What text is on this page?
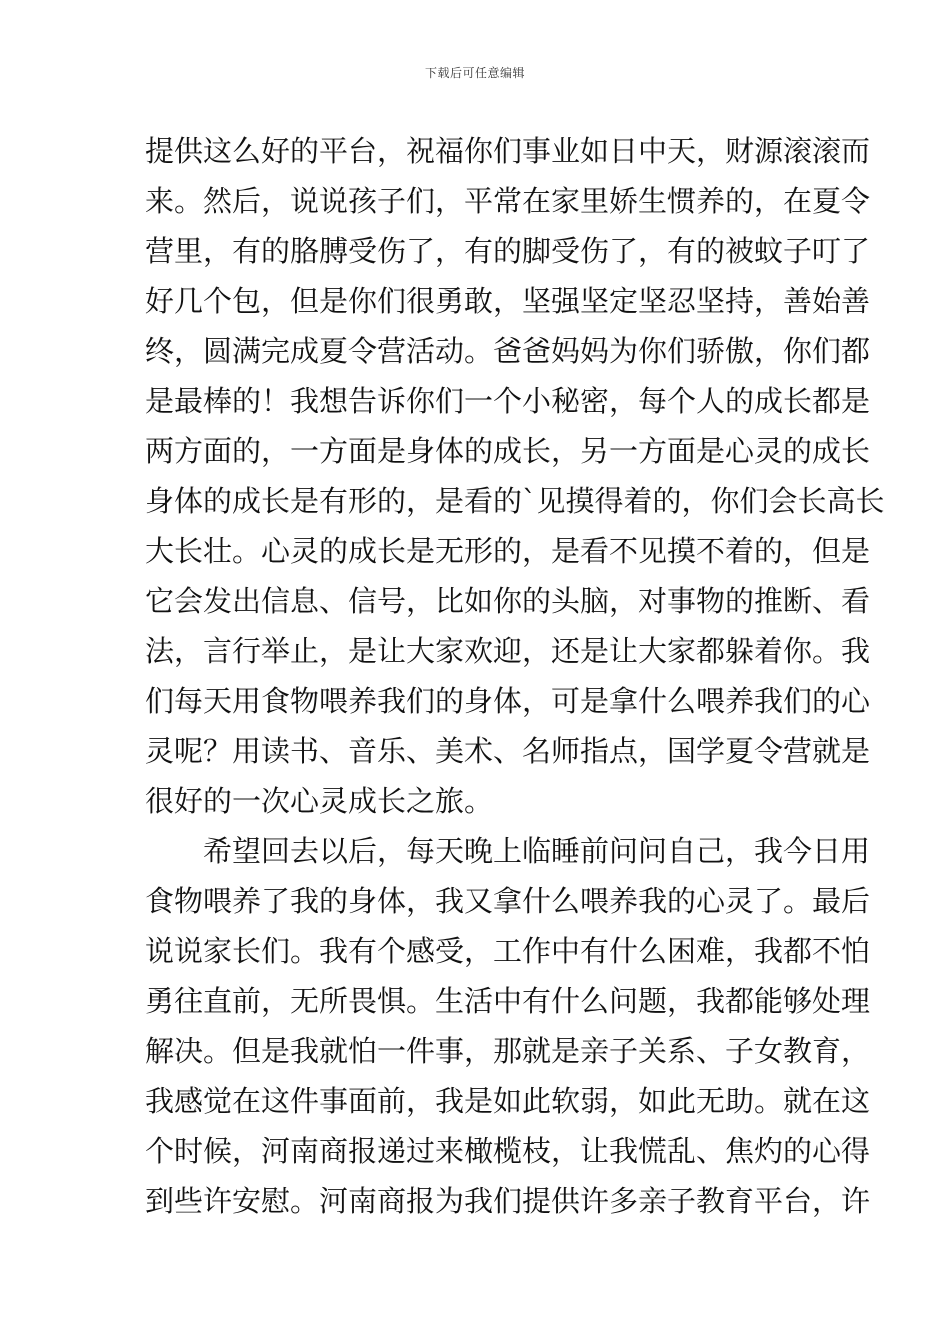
下载后可任意编辑
提供这么好的平台，祝福你们事业如日中天，财源滚滚而
来。然后，说说孩子们，平常在家里娇生惯养的，在夏令
营里，有的胳膊受伤了，有的脚受伤了，有的被蚊子叮了
好几个包，但是你们很勇敢，坚强坚定坚忍坚持，善始善
终，圆满完成夏令营活动。爸爸妈妈为你们骄傲，你们都
是最棒的！我想告诉你们一个小秘密，每个人的成长都是
两方面的，一方面是身体的成长，另一方面是心灵的成长
身体的成长是有形的，是看的`见摸得着的，你们会长高长
大长壮。心灵的成长是无形的，是看不见摸不着的，但是
它会发出信息、信号，比如你的头脑，对事物的推断、看
法，言行举止，是让大家欢迎，还是让大家都躲着你。我
们每天用食物喂养我们的身体，可是拿什么喂养我们的心
灵呢？用读书、音乐、美术、名师指点，国学夏令营就是
很好的一次心灵成长之旅。
希望回去以后，每天晚上临睡前问问自己，我今日用
食物喂养了我的身体，我又拿什么喂养我的心灵了。最后
说说家长们。我有个感受，工作中有什么困难，我都不怕
勇往直前，无所畏惧。生活中有什么问题，我都能够处理
解决。但是我就怕一件事，那就是亲子关系、子女教育，
我感觉在这件事面前，我是如此软弱，如此无助。就在这
个时候，河南商报递过来橄榄枝，让我慌乱、焦灼的心得
到些许安慰。河南商报为我们提供许多亲子教育平台，许
